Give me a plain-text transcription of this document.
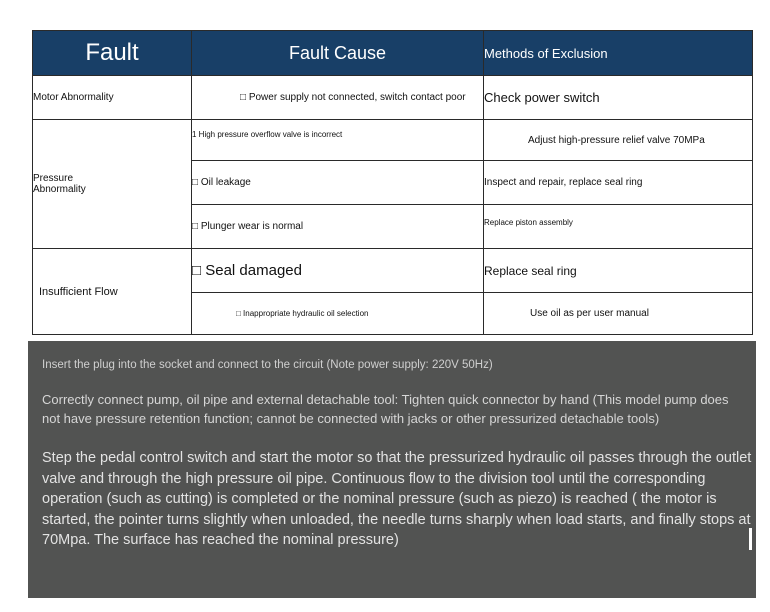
Fault	Fault Cause	Methods of Exclusion
Motor Abnormality	□ Power supply not connected, switch contact poor	Check power switch

Pressure Abnormality	1 High pressure overflow valve is incorrect	Adjust high-pressure relief valve 70MPa
	□ Oil leakage	Inspect and repair, replace seal ring
	□ Plunger wear is normal	Replace piston assembly

Insufficient Flow	□ Seal damaged	Replace seal ring
	□ Inappropriate hydraulic oil selection	Use oil as per user manual

Insert the plug into the socket and connect to the circuit (Note power supply: 220V 50Hz)

Correctly connect pump, oil pipe and external detachable tool: Tighten quick connector by hand (This model pump does not have pressure retention function; cannot be connected with jacks or other pressurized detachable tools)

Step the pedal control switch and start the motor so that the pressurized hydraulic oil passes through the outlet valve and through the high pressure oil pipe. Continuous flow to the division tool until the corresponding operation (such as cutting) is completed or the nominal pressure (such as piezo) is reached ( the motor is started, the pointer turns slightly when unloaded, the needle turns sharply when load starts, and finally stops at 70Mpa. The surface has reached the nominal pressure)
